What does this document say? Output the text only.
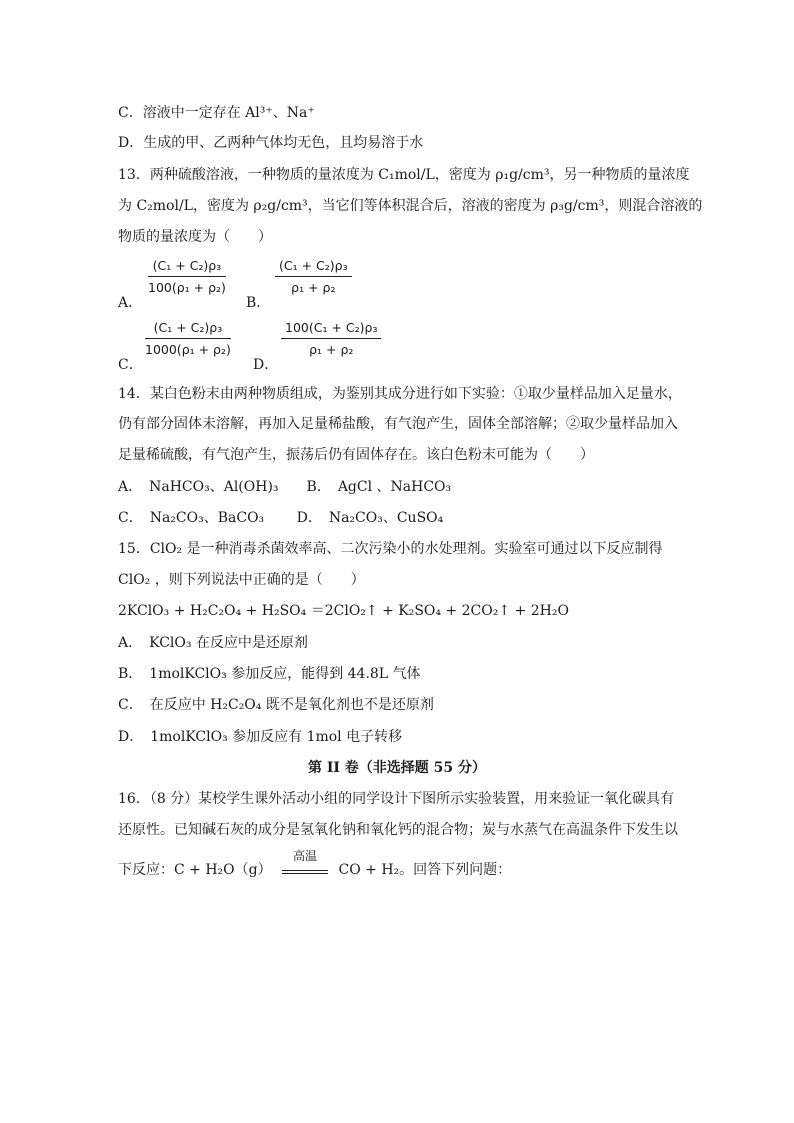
C．溶液中一定存在 Al³⁺、Na⁺
D．生成的甲、乙两种气体均无色，且均易溶于水
13．两种硫酸溶液，一种物质的量浓度为 C₁mol/L，密度为 ρ₁g/cm³，另一种物质的量浓度
为 C₂mol/L，密度为 ρ₂g/cm³，当它们等体积混合后，溶液的密度为 ρ₃g/cm³，则混合溶液的
物质的量浓度为（　　）
A．
(C₁ + C₂)ρ₃
100(ρ₁ + ρ₂)
B．
(C₁ + C₂)ρ₃
ρ₁ + ρ₂
C．
(C₁ + C₂)ρ₃
1000(ρ₁ + ρ₂)
D．
100(C₁ + C₂)ρ₃
ρ₁ + ρ₂
14．某白色粉末由两种物质组成，为鉴别其成分进行如下实验：①取少量样品加入足量水，
仍有部分固体未溶解，再加入足量稀盐酸，有气泡产生，固体全部溶解；②取少量样品加入
足量稀硫酸，有气泡产生，振荡后仍有固体存在。该白色粉末可能为（　　）
A．　NaHCO₃、Al(OH)₃　　B．　AgCl 、NaHCO₃
C．　Na₂CO₃、BaCO₃　　 D．　Na₂CO₃、CuSO₄
15．ClO₂ 是一种消毒杀菌效率高、二次污染小的水处理剂。实验室可通过以下反应制得
ClO₂ ，则下列说法中正确的是（　　）
2KClO₃ + H₂C₂O₄ + H₂SO₄ ＝2ClO₂↑ + K₂SO₄ + 2CO₂↑ + 2H₂O
A．　KClO₃ 在反应中是还原剂
B．　1molKClO₃ 参加反应，能得到 44.8L 气体
C．　在反应中 H₂C₂O₄ 既不是氧化剂也不是还原剂
D．　1molKClO₃ 参加反应有 1mol 电子转移
第 II 卷（非选择题 55 分）
16．（8 分）某校学生课外活动小组的同学设计下图所示实验装置，用来验证一氧化碳具有
还原性。已知碱石灰的成分是氢氧化钠和氧化钙的混合物；炭与水蒸气在高温条件下发生以
下反应：C + H₂O（g）
高温
CO + H₂。回答下列问题：
